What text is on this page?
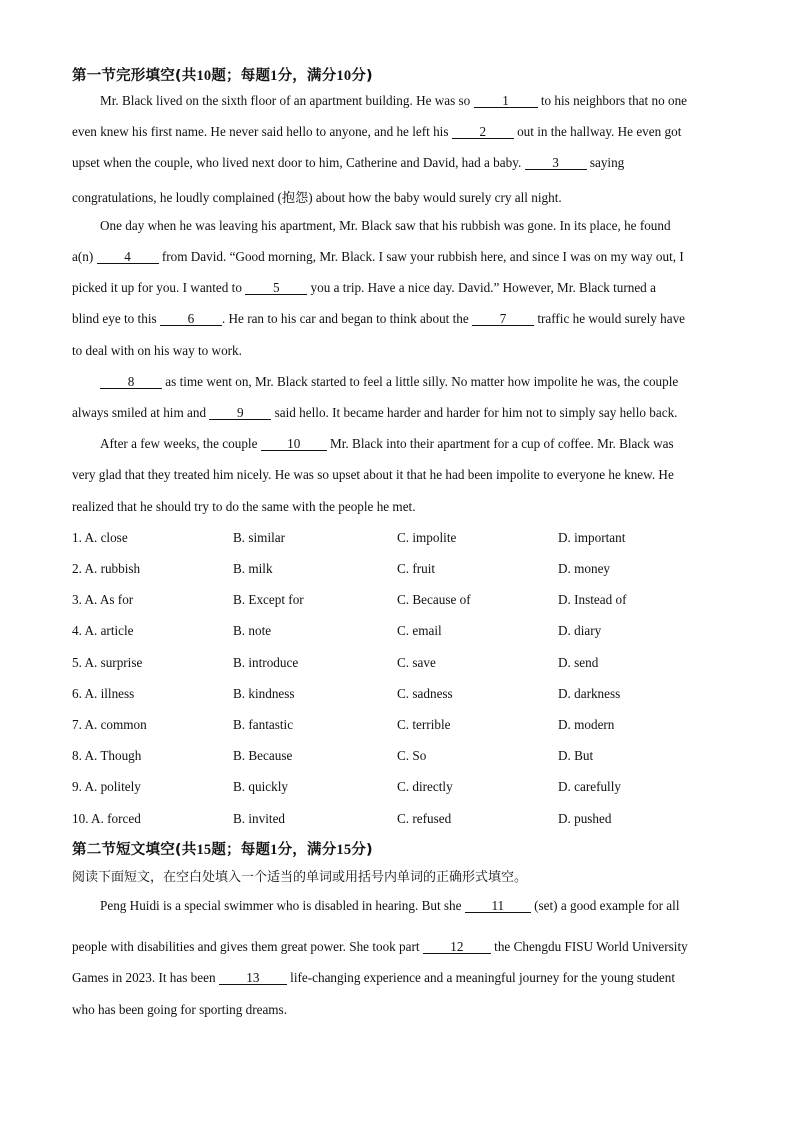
第一节完形填空(共10题；每题1分，满分10分)
Mr. Black lived on the sixth floor of an apartment building. He was so 1 to his neighbors that no one
even knew his first name. He never said hello to anyone, and he left his 2 out in the hallway. He even got
upset when the couple, who lived next door to him, Catherine and David, had a baby. 3 saying
congratulations, he loudly complained (抱怨) about how the baby would surely cry all night.
One day when he was leaving his apartment, Mr. Black saw that his rubbish was gone. In its place, he found
a(n) 4 from David. “Good morning, Mr. Black. I saw your rubbish here, and since I was on my way out, I
picked it up for you. I wanted to 5 you a trip. Have a nice day. David.” However, Mr. Black turned a
blind eye to this 6 . He ran to his car and began to think about the 7 traffic he would surely have
to deal with on his way to work.
8 as time went on, Mr. Black started to feel a little silly. No matter how impolite he was, the couple
always smiled at him and 9 said hello. It became harder and harder for him not to simply say hello back.
After a few weeks, the couple 10 Mr. Black into their apartment for a cup of coffee. Mr. Black was
very glad that they treated him nicely. He was so upset about it that he had been impolite to everyone he knew. He
realized that he should try to do the same with the people he met.
1. A. close	B. similar	C. impolite	D. important
2. A. rubbish	B. milk	C. fruit	D. money
3. A. As for	B. Except for	C. Because of	D. Instead of
4. A. article	B. note	C. email	D. diary
5. A. surprise	B. introduce	C. save	D. send
6. A. illness	B. kindness	C. sadness	D. darkness
7. A. common	B. fantastic	C. terrible	D. modern
8. A. Though	B. Because	C. So	D. But
9. A. politely	B. quickly	C. directly	D. carefully
10. A. forced	B. invited	C. refused	D. pushed
第二节短文填空(共15题；每题1分，满分15分)
阅读下面短文，在空白处填入一个适当的单词或用括号内单词的正确形式填空。
Peng Huidi is a special swimmer who is disabled in hearing. But she 11 (set) a good example for all
people with disabilities and gives them great power. She took part 12 the Chengdu FISU World University
Games in 2023. It has been 13 life-changing experience and a meaningful journey for the young student
who has been going for sporting dreams.
